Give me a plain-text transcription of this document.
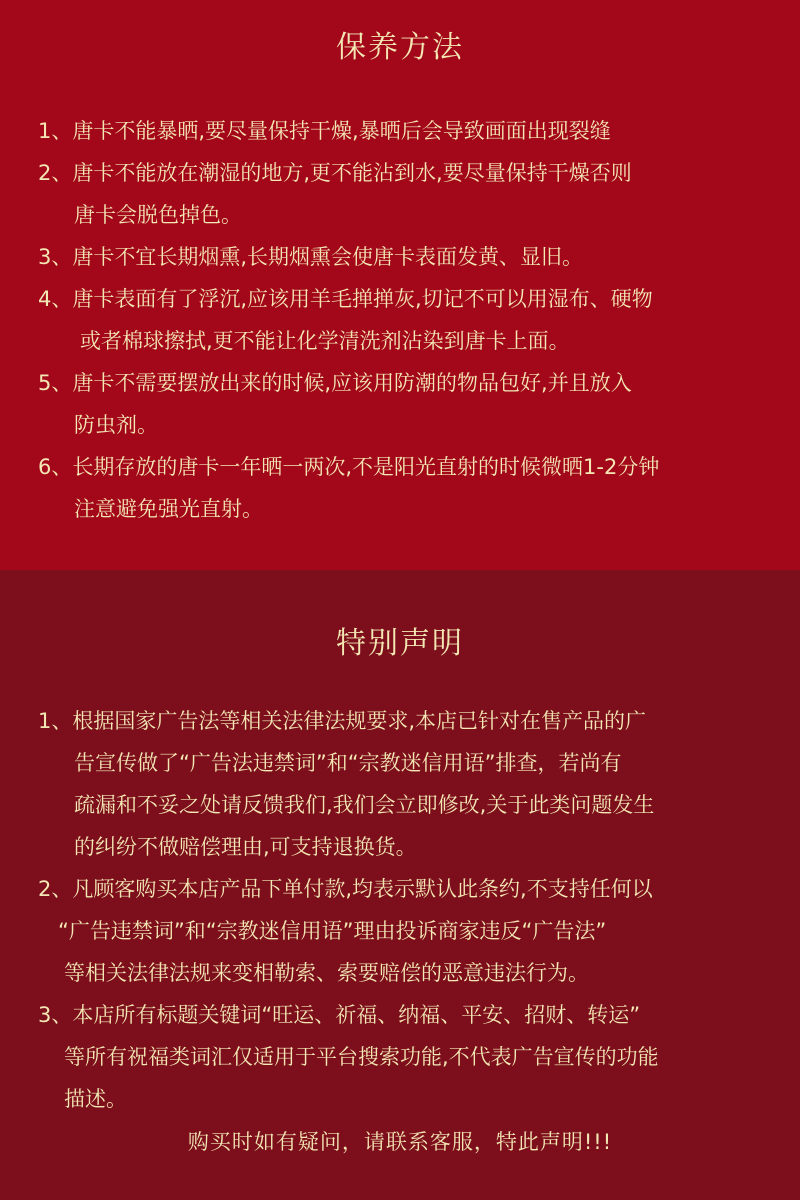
保养方法
1、唐卡不能暴晒,要尽量保持干燥,暴晒后会导致画面出现裂缝
2、唐卡不能放在潮湿的地方,更不能沾到水,要尽量保持干燥否则
唐卡会脱色掉色。
3、唐卡不宜长期烟熏,长期烟熏会使唐卡表面发黄、显旧。
4、唐卡表面有了浮沉,应该用羊毛掸掸灰,切记不可以用湿布、硬物
或者棉球擦拭,更不能让化学清洗剂沾染到唐卡上面。
5、唐卡不需要摆放出来的时候,应该用防潮的物品包好,并且放入
防虫剂。
6、长期存放的唐卡一年晒一两次,不是阳光直射的时候微晒1-2分钟
注意避免强光直射。
特别声明
1、根据国家广告法等相关法律法规要求,本店已针对在售产品的广
告宣传做了“广告法违禁词”和“宗教迷信用语”排查，若尚有
疏漏和不妥之处请反馈我们,我们会立即修改,关于此类问题发生
的纠纷不做赔偿理由,可支持退换货。
2、凡顾客购买本店产品下单付款,均表示默认此条约,不支持任何以
“广告违禁词”和“宗教迷信用语”理由投诉商家违反“广告法”
等相关法律法规来变相勒索、索要赔偿的恶意违法行为。
3、本店所有标题关键词“旺运、祈福、纳福、平安、招财、转运”
等所有祝福类词汇仅适用于平台搜索功能,不代表广告宣传的功能
描述。
购买时如有疑问，请联系客服，特此声明!!!
